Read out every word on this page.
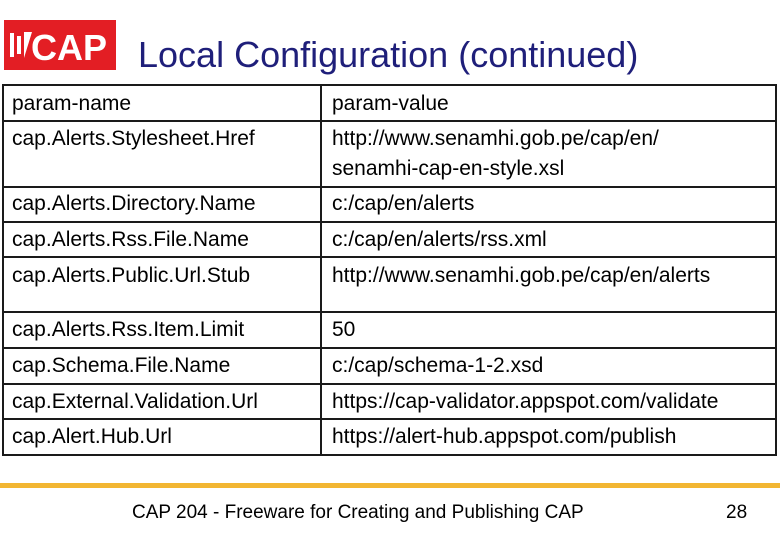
CAP Local Configuration (continued)
param-name	param-value
cap.Alerts.Stylesheet.Href	http://www.senamhi.gob.pe/cap/en/
senamhi-cap-en-style.xsl
cap.Alerts.Directory.Name	c:/cap/en/alerts
cap.Alerts.Rss.File.Name	c:/cap/en/alerts/rss.xml
cap.Alerts.Public.Url.Stub	http://www.senamhi.gob.pe/cap/en/alerts
cap.Alerts.Rss.Item.Limit	50
cap.Schema.File.Name	c:/cap/schema-1-2.xsd
cap.External.Validation.Url	https://cap-validator.appspot.com/validate
cap.Alert.Hub.Url	https://alert-hub.appspot.com/publish
CAP 204 - Freeware for Creating and Publishing CAP	28
